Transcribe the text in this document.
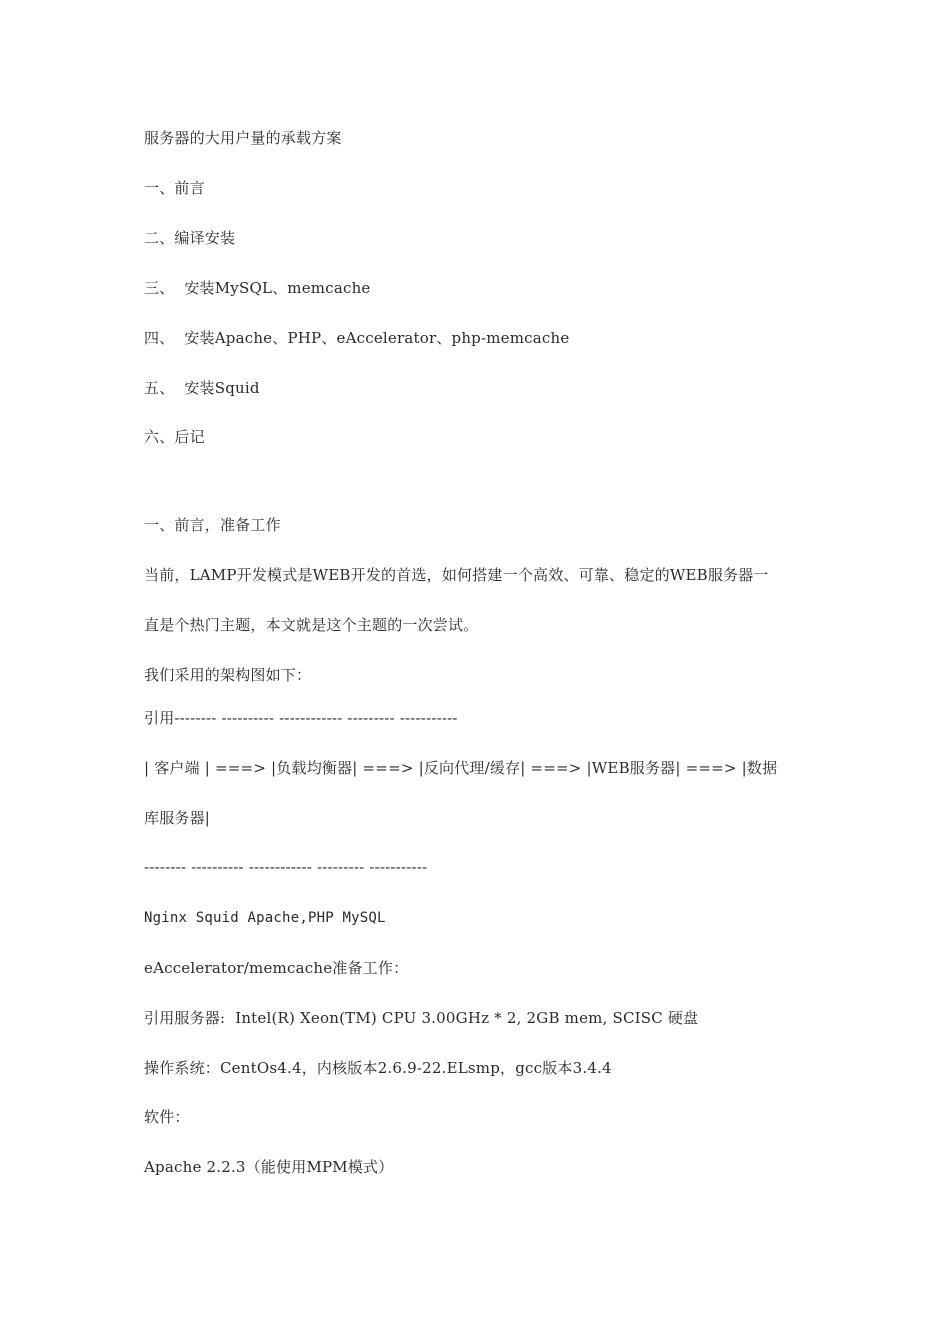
服务器的大用户量的承载方案
一、前言
二、编译安装
三、  安装MySQL、memcache
四、  安装Apache、PHP、eAccelerator、php-memcache
五、  安装Squid
六、后记
一、前言，准备工作
当前，LAMP开发模式是WEB开发的首选，如何搭建一个高效、可靠、稳定的WEB服务器一
直是个热门主题，本文就是这个主题的一次尝试。
我们采用的架构图如下：
引用-------- ---------- ------------ --------- -----------
| 客户端 | ===> |负载均衡器| ===> |反向代理/缓存| ===> |WEB服务器| ===> |数据
库服务器|
-------- ---------- ------------ --------- -----------
Nginx Squid Apache,PHP MySQL
eAccelerator/memcache准备工作：
引用服务器:  Intel(R) Xeon(TM) CPU 3.00GHz * 2, 2GB mem, SCISC 硬盘
操作系统：CentOs4.4，内核版本2.6.9-22.ELsmp，gcc版本3.4.4
软件：
Apache 2.2.3（能使用MPM模式）
